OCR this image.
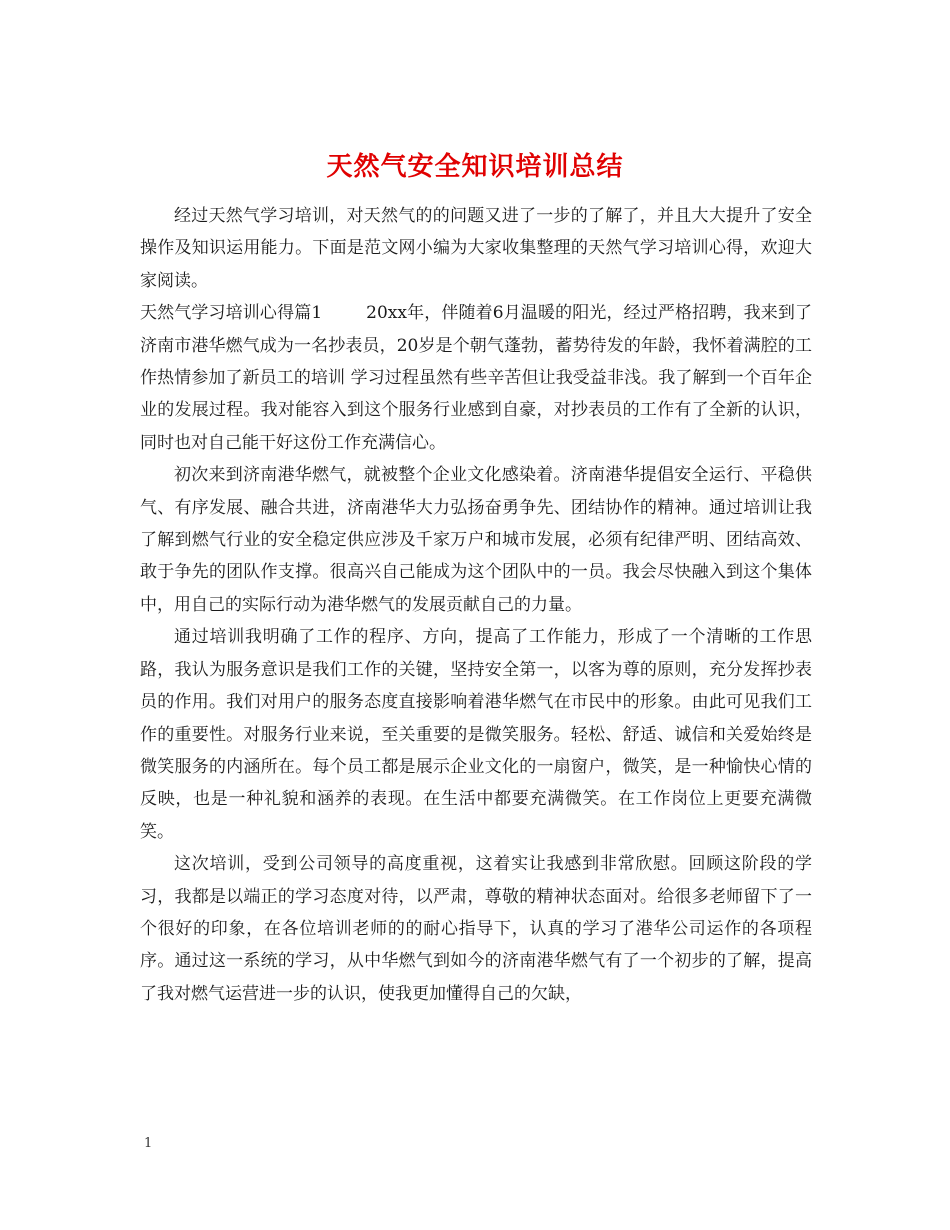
天然气安全知识培训总结

经过天然气学习培训，对天然气的的问题又进了一步的了解了，并且大大提升了安全操作及知识运用能力。下面是范文网小编为大家收集整理的天然气学习培训心得，欢迎大家阅读。

天然气学习培训心得篇1	20xx年，伴随着6月温暖的阳光，经过严格招聘，我来到了济南市港华燃气成为一名抄表员，20岁是个朝气蓬勃，蓄势待发的年龄，我怀着满腔的工作热情参加了新员工的培训 学习过程虽然有些辛苦但让我受益非浅。我了解到一个百年企业的发展过程。我对能容入到这个服务行业感到自豪，对抄表员的工作有了全新的认识，同时也对自己能干好这份工作充满信心。

初次来到济南港华燃气，就被整个企业文化感染着。济南港华提倡安全运行、平稳供气、有序发展、融合共进，济南港华大力弘扬奋勇争先、团结协作的精神。通过培训让我了解到燃气行业的安全稳定供应涉及千家万户和城市发展，必须有纪律严明、团结高效、敢于争先的团队作支撑。很高兴自己能成为这个团队中的一员。我会尽快融入到这个集体中，用自己的实际行动为港华燃气的发展贡献自己的力量。

通过培训我明确了工作的程序、方向，提高了工作能力，形成了一个清晰的工作思路，我认为服务意识是我们工作的关键，坚持安全第一，以客为尊的原则，充分发挥抄表员的作用。我们对用户的服务态度直接影响着港华燃气在市民中的形象。由此可见我们工作的重要性。对服务行业来说，至关重要的是微笑服务。轻松、舒适、诚信和关爱始终是微笑服务的内涵所在。每个员工都是展示企业文化的一扇窗户，微笑，是一种愉快心情的反映，也是一种礼貌和涵养的表现。在生活中都要充满微笑。在工作岗位上更要充满微笑。

这次培训，受到公司领导的高度重视，这着实让我感到非常欣慰。回顾这阶段的学习，我都是以端正的学习态度对待，以严肃，尊敬的精神状态面对。给很多老师留下了一个很好的印象，在各位培训老师的的耐心指导下，认真的学习了港华公司运作的各项程序。通过这一系统的学习，从中华燃气到如今的济南港华燃气有了一个初步的了解，提高了我对燃气运营进一步的认识，使我更加懂得自己的欠缺，

1
